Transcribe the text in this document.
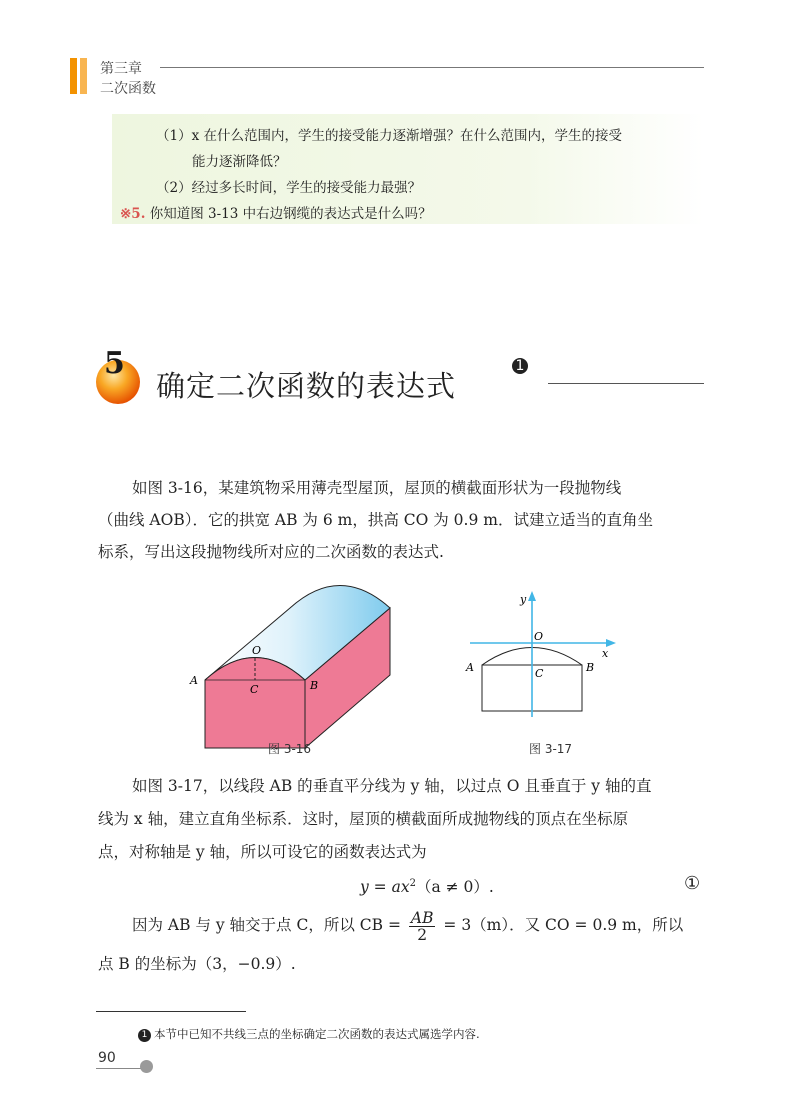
第三章
二次函数
（1）x 在什么范围内，学生的接受能力逐渐增强？在什么范围内，学生的接受
能力逐渐降低？
（2）经过多长时间，学生的接受能力最强？
※5. 你知道图 3-13 中右边钢缆的表达式是什么吗？
5
确定二次函数的表达式
1
如图 3-16，某建筑物采用薄壳型屋顶，屋顶的横截面形状为一段抛物线
（曲线 AOB）．它的拱宽 AB 为 6 m，拱高 CO 为 0.9 m．试建立适当的直角坐
标系，写出这段抛物线所对应的二次函数的表达式.
O
A
C	B
图 3-16
y
x
O
A	C	B
图 3-17
如图 3-17，以线段 AB 的垂直平分线为 y 轴，以过点 O 且垂直于 y 轴的直
线为 x 轴，建立直角坐标系．这时，屋顶的横截面所成抛物线的顶点在坐标原
点，对称轴是 y 轴，所以可设它的函数表达式为
$y = ax^2(a \ne 0)$.	①
因为 AB 与 y 轴交于点 C，所以 CB = $\frac{AB}{2} = 3(m)$．又 CO = 0.9 m，所以
点 B 的坐标为（3，−0.9）.
1 本节中已知不共线三点的坐标确定二次函数的表达式属选学内容.
90
